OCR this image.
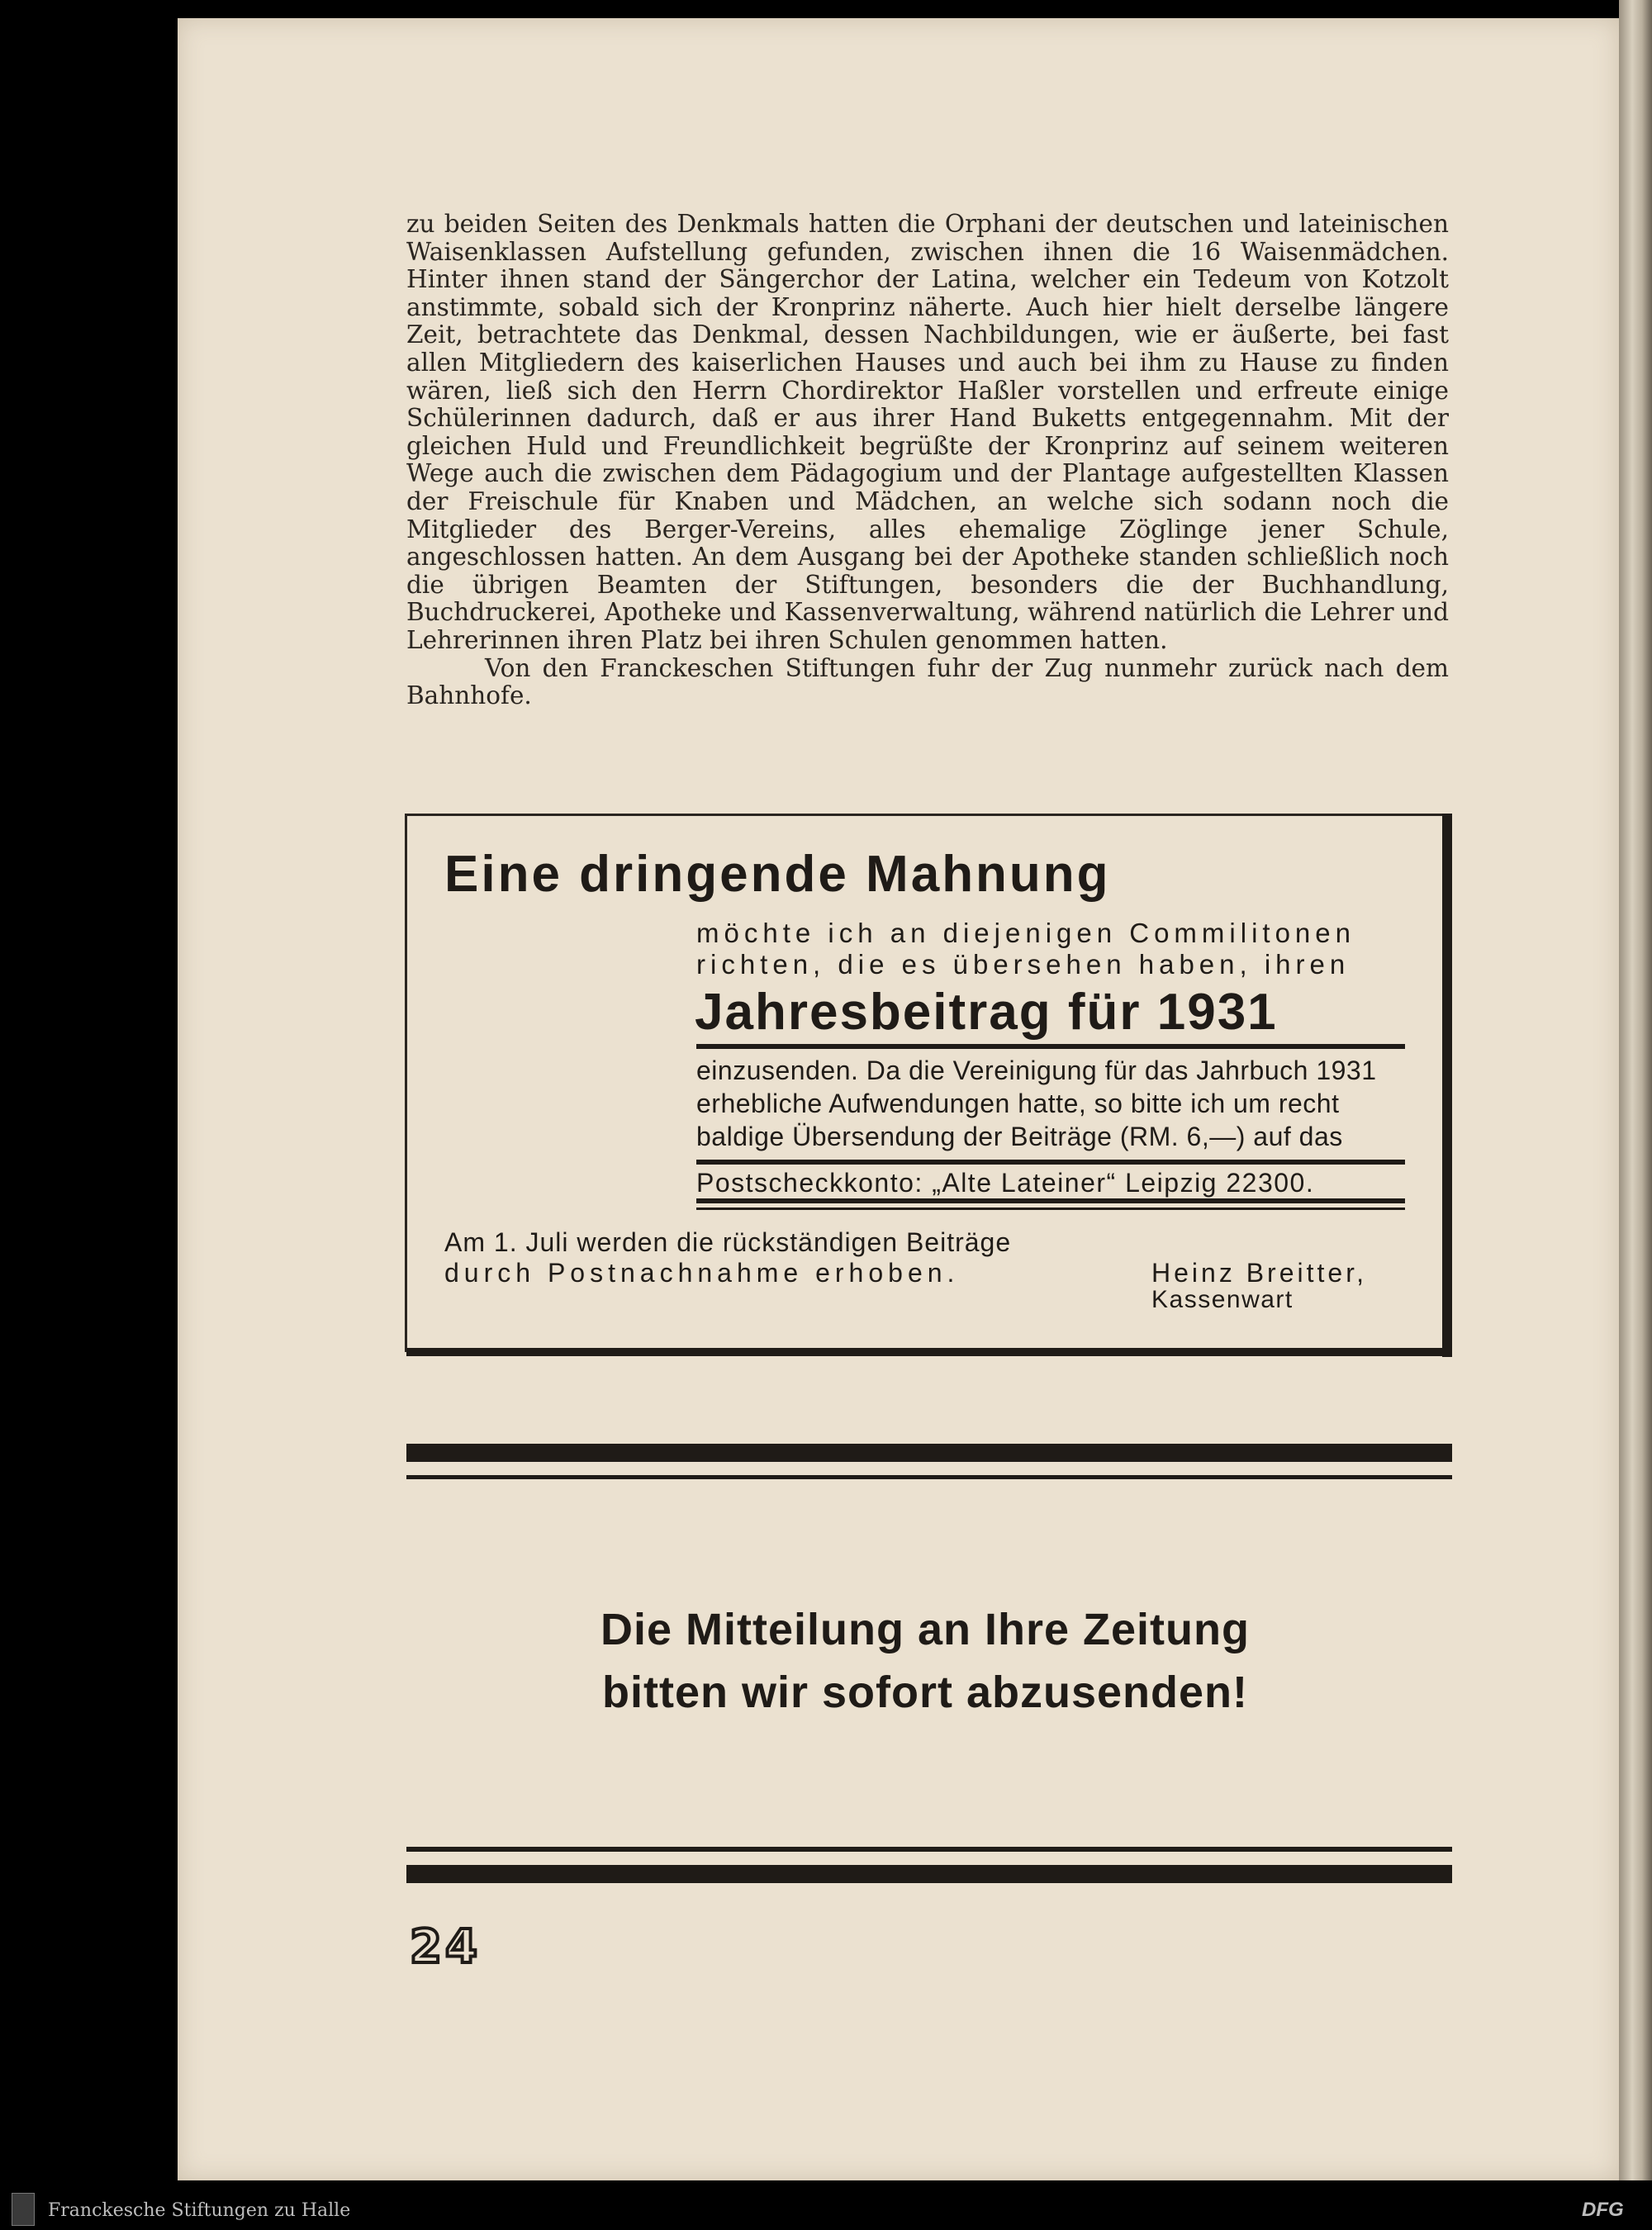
zu beiden Seiten des Denkmals hatten die Orphani der deutschen und lateinischen Waisenklassen Aufstellung gefunden, zwischen ihnen die 16 Waisenmädchen. Hinter ihnen stand der Sängerchor der Latina, welcher ein Tedeum von Kotzolt anstimmte, sobald sich der Kronprinz näherte. Auch hier hielt derselbe längere Zeit, betrachtete das Denkmal, dessen Nachbildungen, wie er äußerte, bei fast allen Mitgliedern des kaiserlichen Hauses und auch bei ihm zu Hause zu finden wären, ließ sich den Herrn Chordirektor Haßler vorstellen und erfreute einige Schülerinnen dadurch, daß er aus ihrer Hand Buketts entgegennahm. Mit der gleichen Huld und Freundlichkeit begrüßte der Kronprinz auf seinem weiteren Wege auch die zwischen dem Pädagogium und der Plantage aufgestellten Klassen der Freischule für Knaben und Mädchen, an welche sich sodann noch die Mitglieder des Berger-Vereins, alles ehemalige Zöglinge jener Schule, angeschlossen hatten. An dem Ausgang bei der Apotheke standen schließlich noch die übrigen Beamten der Stiftungen, besonders die der Buchhandlung, Buchdruckerei, Apotheke und Kassenverwaltung, während natürlich die Lehrer und Lehrerinnen ihren Platz bei ihren Schulen genommen hatten.

Von den Franckeschen Stiftungen fuhr der Zug nunmehr zurück nach dem Bahnhofe.

Eine dringende Mahnung
möchte ich an diejenigen Commilitonen
richten, die es übersehen haben, ihren
Jahresbeitrag für 1931
einzusenden. Da die Vereinigung für das Jahrbuch 1931
erhebliche Aufwendungen hatte, so bitte ich um recht
baldige Übersendung der Beiträge (RM. 6,—) auf das
Postscheckkonto: „Alte Lateiner“ Leipzig 22300.
Am 1. Juli werden die rückständigen Beiträge
durch Postnachnahme erhoben.	Heinz Breitter,
Kassenwart
Die Mitteilung an Ihre Zeitung
bitten wir sofort abzusenden!
24
Franckesche Stiftungen zu Halle	DFG
